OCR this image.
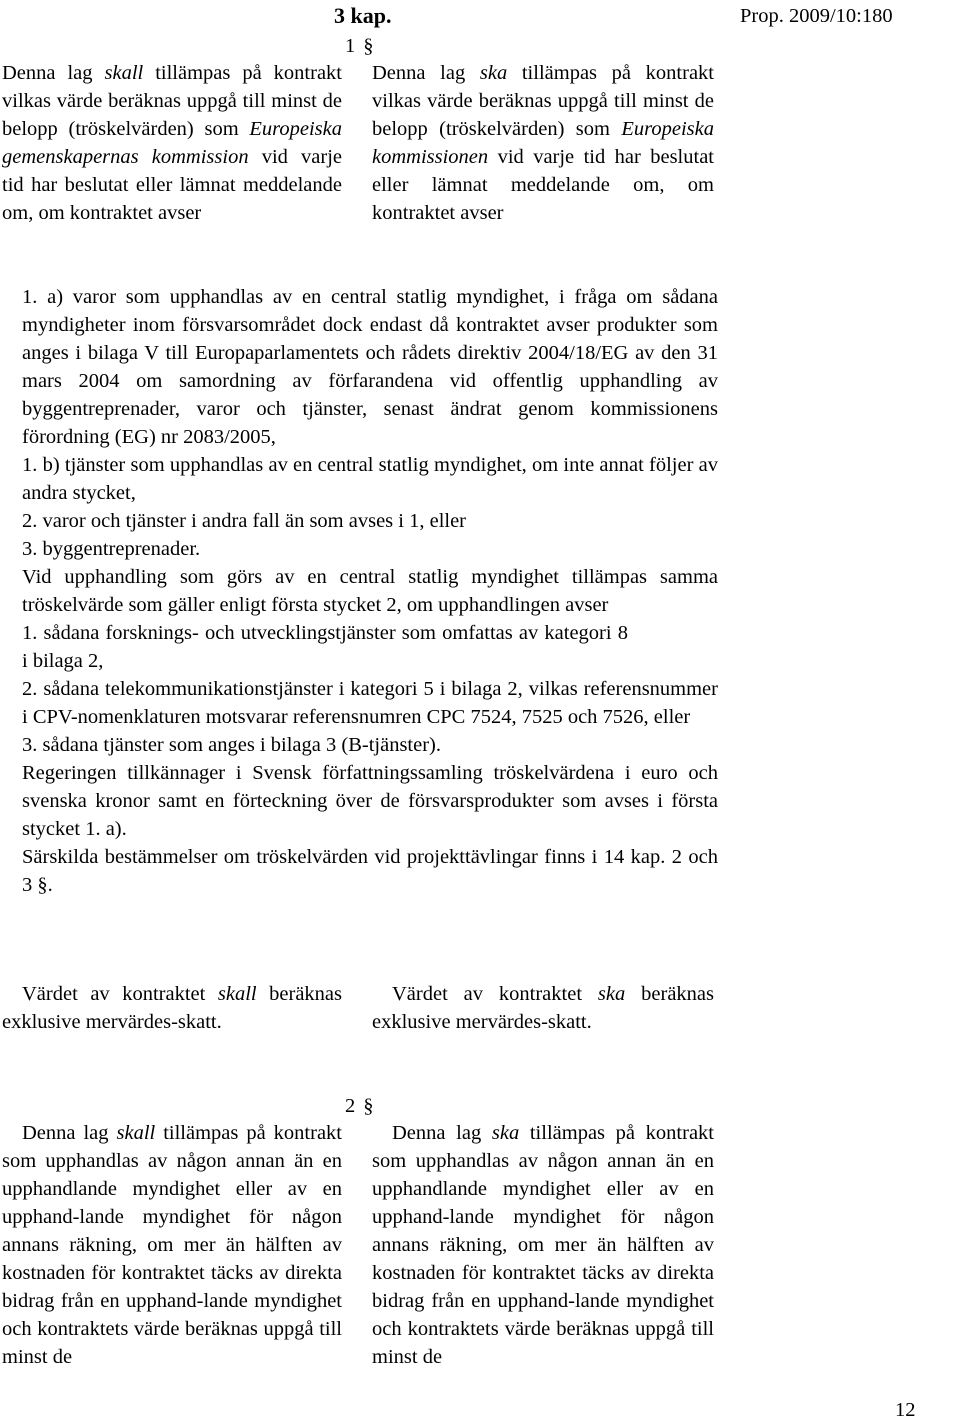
3 kap.	Prop. 2009/10:180
1 §
Denna lag skall tillämpas på kontrakt vilkas värde beräknas uppgå till minst de belopp (tröskelvärden) som Europeiska gemenskapernas kommission vid varje tid har beslutat eller lämnat meddelande om, om kontraktet avser
Denna lag ska tillämpas på kontrakt vilkas värde beräknas uppgå till minst de belopp (tröskelvärden) som Europeiska kommissionen vid varje tid har beslutat eller lämnat meddelande om, om kontraktet avser

1. a) varor som upphandlas av en central statlig myndighet, i fråga om sådana myndigheter inom försvarsområdet dock endast då kontraktet avser produkter som anges i bilaga V till Europaparlamentets och rådets direktiv 2004/18/EG av den 31 mars 2004 om samordning av förfarandena vid offentlig upphandling av byggentreprenader, varor och tjänster, senast ändrat genom kommissionens förordning (EG) nr 2083/2005,

1. b) tjänster som upphandlas av en central statlig myndighet, om inte annat följer av andra stycket,

2. varor och tjänster i andra fall än som avses i 1, eller

3. byggentreprenader.

Vid upphandling som görs av en central statlig myndighet tillämpas samma tröskelvärde som gäller enligt första stycket 2, om upphandlingen avser

1. sådana forsknings- och utvecklingstjänster som omfattas av kategori 8 i bilaga 2,

2. sådana telekommunikationstjänster i kategori 5 i bilaga 2, vilkas referensnummer i CPV-nomenklaturen motsvarar referensnumren CPC 7524, 7525 och 7526, eller

3. sådana tjänster som anges i bilaga 3 (B-tjänster).

Regeringen tillkännager i Svensk författningssamling tröskelvärdena i euro och svenska kronor samt en förteckning över de försvarsprodukter som avses i första stycket 1. a).

Särskilda bestämmelser om tröskelvärden vid projekttävlingar finns i 14 kap. 2 och 3 §.

Värdet av kontraktet skall beräknas exklusive mervärdes-skatt.
Värdet av kontraktet ska beräknas exklusive mervärdes-skatt.
2 §
Denna lag skall tillämpas på kontrakt som upphandlas av någon annan än en upphandlande myndighet eller av en upphand-lande myndighet för någon annans räkning, om mer än hälften av kostnaden för kontraktet täcks av direkta bidrag från en upphand-lande myndighet och kontraktets värde beräknas uppgå till minst de
Denna lag ska tillämpas på kontrakt som upphandlas av någon annan än en upphandlande myndighet eller av en upphand-lande myndighet för någon annans räkning, om mer än hälften av kostnaden för kontraktet täcks av direkta bidrag från en upphand-lande myndighet och kontraktets värde beräknas uppgå till minst de
12
